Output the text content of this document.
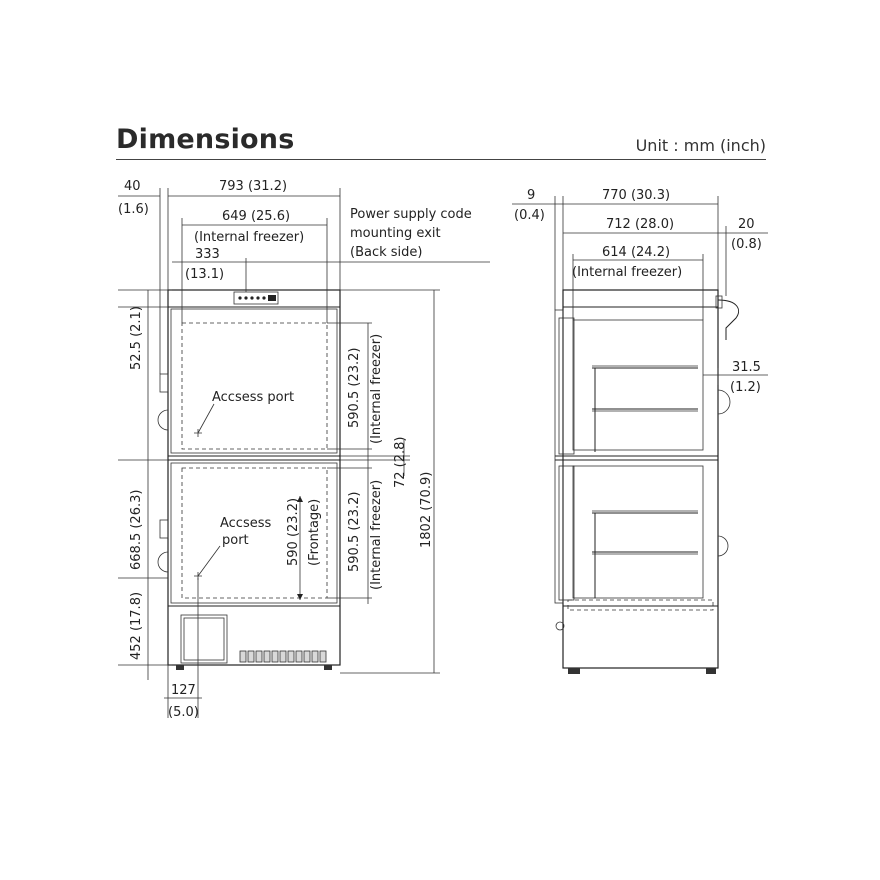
Dimensions	Unit : mm (inch)
40
(1.6)
793 (31.2)
649 (25.6)
(Internal freezer)
333
(13.1)
Power supply code
mounting exit
(Back side)
Accsess port
Accsess
port
52.5 (2.1)
668.5 (26.3)
452 (17.8)
590.5 (23.2) (Internal freezer)
590.5 (23.2) (Internal freezer)
590 (23.2) (Frontage)
72 (2.8)
1802 (70.9)
127
(5.0)
9
(0.4)
770 (30.3)
712 (28.0)	20
(0.8)
614 (24.2)
(Internal freezer)
31.5
(1.2)
